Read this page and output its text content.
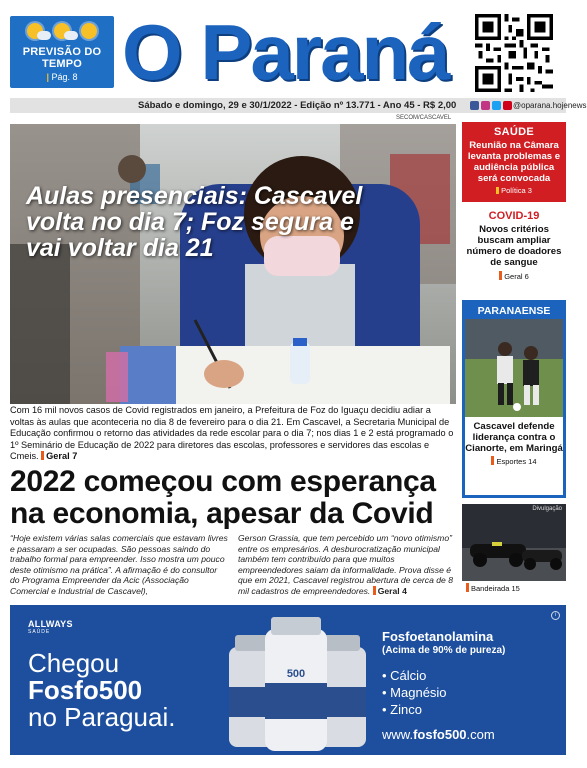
PREVISÃO DO TEMPO
| Pág. 8 O Paraná
Sábado e domingo, 29 e 30/1/2022 - Edição nº 13.771 - Ano 45 - R$ 2,00	@oparana.hojenews
SECOM/CASCAVEL
Aulas presenciais: Cascavel volta no dia 7; Foz segura e vai voltar dia 21
Com 16 mil novos casos de Covid registrados em janeiro, a Prefeitura de Foz do Iguaçu decidiu adiar a voltas às aulas que aconteceria no dia 8 de fevereiro para o dia 21. Em Cascavel, a Secretaria Municipal de Educação confirmou o retorno das atividades da rede escolar para o dia 7; nos dias 1 e 2 está programado o 1º Seminário de Educação de 2022 para diretores das escolas, professores e servidores das escolas e Cmeis. Geral 7
2022 começou com esperança na economia, apesar da Covid
“Hoje existem várias salas comerciais que estavam livres e passaram a ser ocupadas. São pessoas saindo do trabalho formal para empreender. Isso mostra um pouco deste otimismo na prática”. A afirmação é do consultor do Programa Empreender da Acic (Associação Comercial e Industrial de Cascavel),
Gerson Grassia, que tem percebido um “novo otimismo” entre os empresários. A desburocratização municipal também tem contribuído para que muitos empreendedores saiam da informalidade. Prova disse é que em 2021, Cascavel registrou abertura de cerca de 8 mil cadastros de empreendedores. Geral 4
SAÚDE
Reunião na Câmara levanta problemas e audiência pública será convocada
Política 3
COVID-19
Novos critérios buscam ampliar número de doadores de sangue
Geral 6
PARANAENSE
Cascavel defende liderança contra o Cianorte, em Maringá
Esportes 14
Divulgação
Bandeirada 15
i
ALLWAYS
SAÚDE
Chegou
Fosfo500
no Paraguai.
500
Fosfoetanolamina
(Acima de 90% de pureza)
• Cálcio
• Magnésio
• Zinco
www.fosfo500.com
